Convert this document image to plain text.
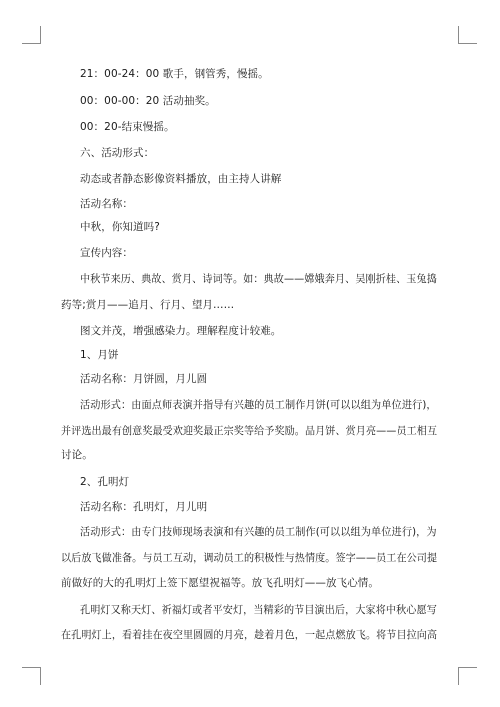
21：00-24：00 歌手，钢管秀，慢摇。
00：00-00：20 活动抽奖。
00：20-结束慢摇。
六、活动形式：
动态或者静态影像资料播放，由主持人讲解
活动名称：
中秋，你知道吗?
宣传内容：
中秋节来历、典故、赏月、诗词等。如：典故——嫦娥奔月、吴刚折桂、玉兔捣
药等;赏月——追月、行月、望月……
图文并茂，增强感染力。理解程度计较难。
1、月饼
活动名称：月饼圆，月儿圆
活动形式：由面点师表演并指导有兴趣的员工制作月饼(可以以组为单位进行)，
并评选出最有创意奖最受欢迎奖最正宗奖等给予奖励。品月饼、赏月亮——员工相互
讨论。
2、孔明灯
活动名称：孔明灯，月儿明
活动形式：由专门技师现场表演和有兴趣的员工制作(可以以组为单位进行)，为
以后放飞做准备。与员工互动，调动员工的积极性与热情度。签字——员工在公司提
前做好的大的孔明灯上签下愿望祝福等。放飞孔明灯——放飞心情。
孔明灯又称天灯、祈福灯或者平安灯，当精彩的节目演出后，大家将中秋心愿写
在孔明灯上，看着挂在夜空里圆圆的月亮，趁着月色，一起点燃放飞。将节目拉向高
